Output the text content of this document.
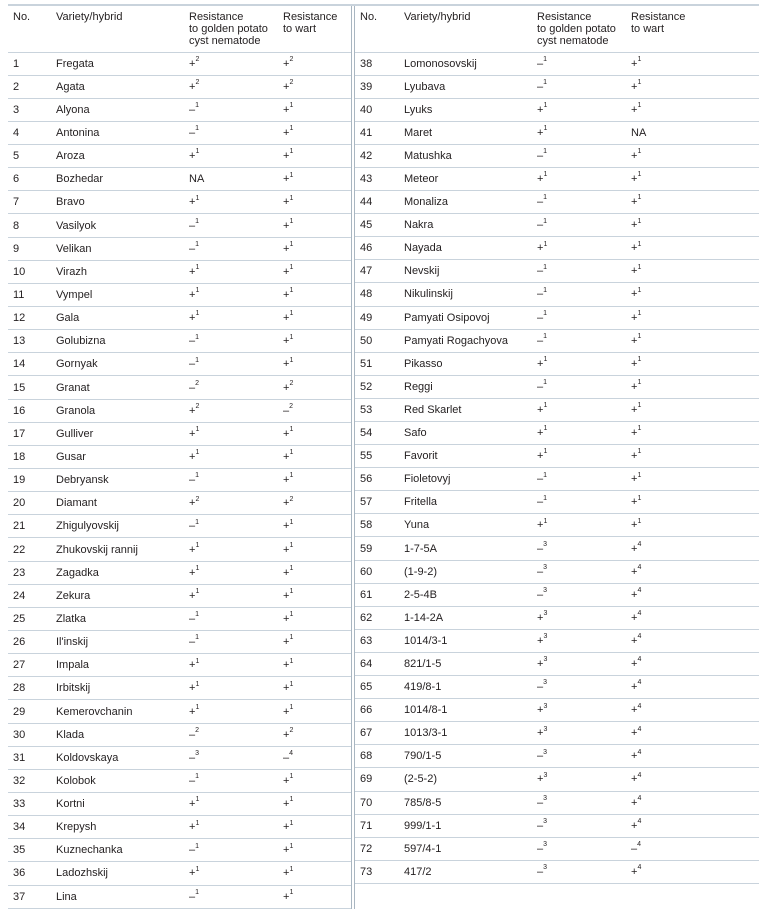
No.	Variety/hybrid	Resistance
to golden potato
cyst nematode	Resistance
to wart

1	Fregata	+$^2$	+$^2$
2	Agata	+$^2$	+$^2$
3	Alyona	–$^1$	+$^1$
4	Antonina	–$^1$	+$^1$
5	Aroza	+$^1$	+$^1$
6	Bozhedar	NA	+$^1$
7	Bravo	+$^1$	+$^1$
8	Vasilyok	–$^1$	+$^1$
9	Velikan	–$^1$	+$^1$
10	Virazh	+$^1$	+$^1$
11	Vympel	+$^1$	+$^1$
12	Gala	+$^1$	+$^1$
13	Golubizna	–$^1$	+$^1$
14	Gornyak	–$^1$	+$^1$
15	Granat	–$^2$	+$^2$
16	Granola	+$^2$	–$^2$
17	Gulliver	+$^1$	+$^1$
18	Gusar	+$^1$	+$^1$
19	Debryansk	–$^1$	+$^1$
20	Diamant	+$^2$	+$^2$
21	Zhigulyovskij	–$^1$	+$^1$
22	Zhukovskij rannij	+$^1$	+$^1$
23	Zagadka	+$^1$	+$^1$
24	Zekura	+$^1$	+$^1$
25	Zlatka	–$^1$	+$^1$
26	Il'inskij	–$^1$	+$^1$
27	Impala	+$^1$	+$^1$
28	Irbitskij	+$^1$	+$^1$
29	Kemerovchanin	+$^1$	+$^1$
30	Klada	–$^2$	+$^2$
31	Koldovskaya	–$^3$	–$^4$
32	Kolobok	–$^1$	+$^1$
33	Kortni	+$^1$	+$^1$
34	Krepysh	+$^1$	+$^1$
35	Kuznechanka	–$^1$	+$^1$
36	Ladozhskij	+$^1$	+$^1$
37	Lina	–$^1$	+$^1$
No.	Variety/hybrid	Resistance
to golden potato
cyst nematode	Resistance
to wart

38	Lomonosovskij	–$^1$	+$^1$
39	Lyubava	–$^1$	+$^1$
40	Lyuks	+$^1$	+$^1$
41	Maret	+$^1$	NA
42	Matushka	–$^1$	+$^1$
43	Meteor	+$^1$	+$^1$
44	Monaliza	–$^1$	+$^1$
45	Nakra	–$^1$	+$^1$
46	Nayada	+$^1$	+$^1$
47	Nevskij	–$^1$	+$^1$
48	Nikulinskij	–$^1$	+$^1$
49	Pamyati Osipovoj	–$^1$	+$^1$
50	Pamyati Rogachyova	–$^1$	+$^1$
51	Pikasso	+$^1$	+$^1$
52	Reggi	–$^1$	+$^1$
53	Red Skarlet	+$^1$	+$^1$
54	Safo	+$^1$	+$^1$
55	Favorit	+$^1$	+$^1$
56	Fioletovyj	–$^1$	+$^1$
57	Fritella	–$^1$	+$^1$
58	Yuna	+$^1$	+$^1$
59	1-7-5A	–$^3$	+$^4$
60	(1-9-2)	–$^3$	+$^4$
61	2-5-4B	–$^3$	+$^4$
62	1-14-2A	+$^3$	+$^4$
63	1014/3-1	+$^3$	+$^4$
64	821/1-5	+$^3$	+$^4$
65	419/8-1	–$^3$	+$^4$
66	1014/8-1	+$^3$	+$^4$
67	1013/3-1	+$^3$	+$^4$
68	790/1-5	–$^3$	+$^4$
69	(2-5-2)	+$^3$	+$^4$
70	785/8-5	–$^3$	+$^4$
71	999/1-1	–$^3$	+$^4$
72	597/4-1	–$^3$	–$^4$
73	417/2	–$^3$	+$^4$
